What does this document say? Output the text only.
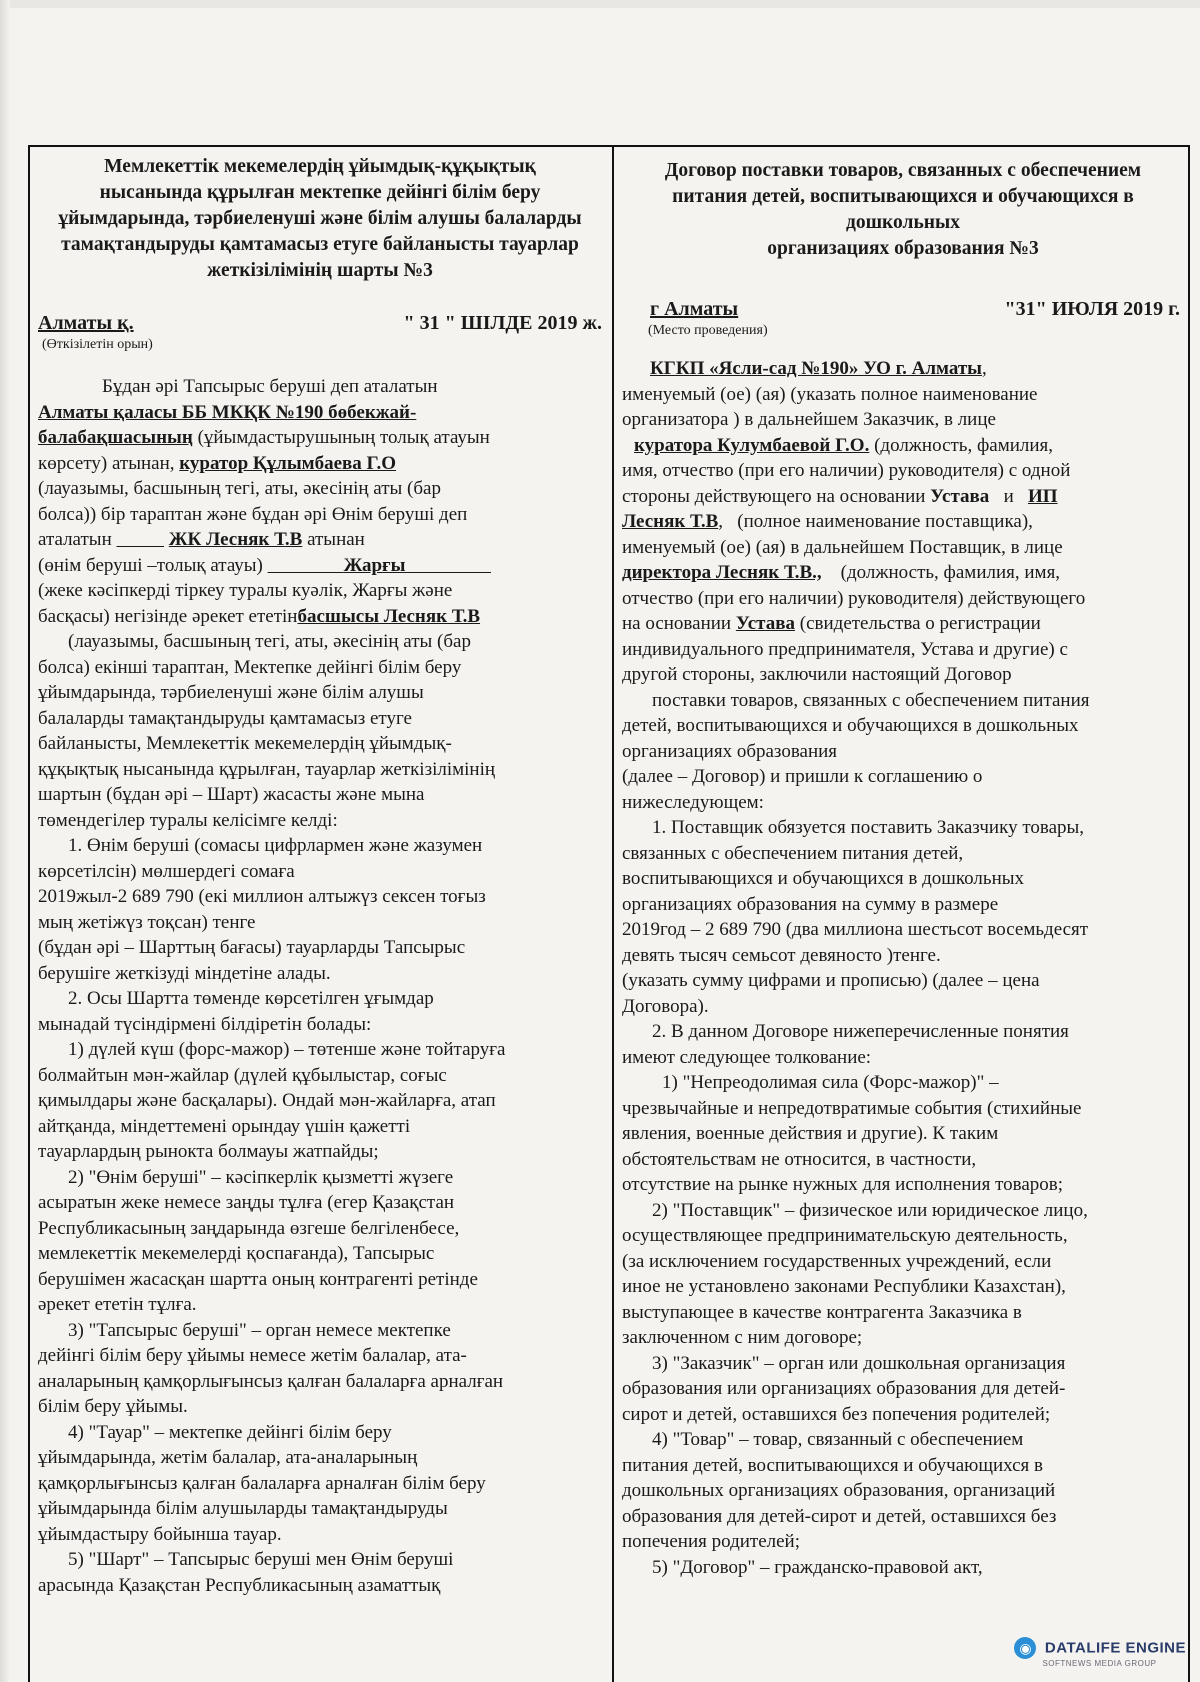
Мемлекеттік мекемелердің ұйымдық-құқықтық нысанында құрылған мектепке дейінгі білім беру ұйымдарында, тәрбиеленуші және білім алушы балаларды тамақтандыруды қамтамасыз етуге байланысты тауарлар жеткізілімінің шарты №3

Алматы қ.
(Өткізілетін орын)
" 31 " ШІЛДЕ 2019 ж.
Бұдан әрі Тапсырыс беруші деп аталатын
Алматы қаласы ББ МКҚК №190 бөбекжай-
балабақшасының (ұйымдастырушының толық атауын
көрсету) атынан, куратор Құлымбаева Г.О
(лауазымы, басшының тегі, аты, әкесінің аты (бар
болса)) бір тараптан және бұдан әрі Өнім беруші деп
аталатын	ЖК Лесняк Т.В атынан
(өнім беруші –толық атауы)	Жарғы
(жеке кәсіпкерді тіркеу туралы куәлік, Жарғы және
басқасы) негізінде әрекет ететінбасшысы Лесняк Т.В
(лауазымы, басшының тегі, аты, әкесінің аты (бар
болса) екінші тараптан, Мектепке дейінгі білім беру
ұйымдарында, тәрбиеленуші және білім алушы
балаларды тамақтандыруды қамтамасыз етуге
байланысты, Мемлекеттік мекемелердің ұйымдық-
құқықтық нысанында құрылған, тауарлар жеткізілімінің
шартын (бұдан әрі – Шарт) жасасты және мына
төмендегілер туралы келісімге келді:
1. Өнім беруші (сомасы цифрлармен және жазумен
көрсетілсін) мөлшердегі сомаға
2019жыл-2 689 790 (екі миллион алтыжүз сексен тоғыз
мың жетіжүз тоқсан) тенге
(бұдан әрі – Шарттың бағасы) тауарларды Тапсырыс
берушіге жеткізуді міндетіне алады.
2. Осы Шартта төменде көрсетілген ұғымдар
мынадай түсіндірмені білдіретін болады:
1) дүлей күш (форс-мажор) – төтенше және тойтаруға
болмайтын мән-жайлар (дүлей құбылыстар, соғыс
қимылдары және басқалары). Ондай мән-жайларға, атап
айтқанда, міндеттемені орындау үшін қажетті
тауарлардың рынокта болмауы жатпайды;
2) "Өнім беруші" – кәсіпкерлік қызметті жүзеге
асыратын жеке немесе заңды тұлға (егер Қазақстан
Республикасының заңдарында өзгеше белгіленбесе,
мемлекеттік мекемелерді қоспағанда), Тапсырыс
берушімен жасасқан шартта оның контрагенті ретінде
әрекет ететін тұлға.
3) "Тапсырыс беруші" – орган немесе мектепке
дейінгі білім беру ұйымы немесе жетім балалар, ата-
аналарының қамқорлығынсыз қалған балаларға арналған
білім беру ұйымы.
4) "Тауар" – мектепке дейінгі білім беру
ұйымдарында, жетім балалар, ата-аналарының
қамқорлығынсыз қалған балаларға арналған білім беру
ұйымдарында білім алушыларды тамақтандыруды
ұйымдастыру бойынша тауар.
5) "Шарт" – Тапсырыс беруші мен Өнім беруші
арасында Қазақстан Республикасының азаматтық
Договор поставки товаров, связанных с обеспечением
питания детей, воспитывающихся и обучающихся в
дошкольных
организациях образования №3
г Алматы
(Место проведения)
"31" ИЮЛЯ 2019 г.
КГКП «Ясли-сад №190» УО г. Алматы,
именуемый (ое) (ая) (указать полное наименование
организатора ) в дальнейшем Заказчик, в лице
куратора Кулумбаевой Г.О. (должность, фамилия,
имя, отчество (при его наличии) руководителя) с одной
стороны действующего на основании Устава и ИП
Лесняк Т.В, (полное наименование поставщика),
именуемый (ое) (ая) в дальнейшем Поставщик, в лице
директора Лесняк Т.В., (должность, фамилия, имя,
отчество (при его наличии) руководителя) действующего
на основании Устава (свидетельства о регистрации
индивидуального предпринимателя, Устава и другие) с
другой стороны, заключили настоящий Договор
поставки товаров, связанных с обеспечением питания
детей, воспитывающихся и обучающихся в дошкольных
организациях образования
(далее – Договор) и пришли к соглашению о
нижеследующем:
1. Поставщик обязуется поставить Заказчику товары,
связанных с обеспечением питания детей,
воспитывающихся и обучающихся в дошкольных
организациях образования на сумму в размере
2019год – 2 689 790 (два миллиона шестьсот восемьдесят
девять тысяч семьсот девяносто )тенге.
(указать сумму цифрами и прописью) (далее – цена
Договора).
2. В данном Договоре нижеперечисленные понятия
имеют следующее толкование:
1) "Непреодолимая сила (Форс-мажор)" –
чрезвычайные и непредотвратимые события (стихийные
явления, военные действия и другие). К таким
обстоятельствам не относится, в частности,
отсутствие на рынке нужных для исполнения товаров;
2) "Поставщик" – физическое или юридическое лицо,
осуществляющее предпринимательскую деятельность,
(за исключением государственных учреждений, если
иное не установлено законами Республики Казахстан),
выступающее в качестве контрагента Заказчика в
заключенном с ним договоре;
3) "Заказчик" – орган или дошкольная организация
образования или организациях образования для детей-
сирот и детей, оставшихся без попечения родителей;
4) "Товар" – товар, связанный с обеспечением
питания детей, воспитывающихся и обучающихся в
дошкольных организациях образования, организаций
образования для детей-сирот и детей, оставшихся без
попечения родителей;
5) "Договор" – гражданско-правовой акт,
◉ DATALIFE ENGINE
SOFTNEWS MEDIA GROUP
